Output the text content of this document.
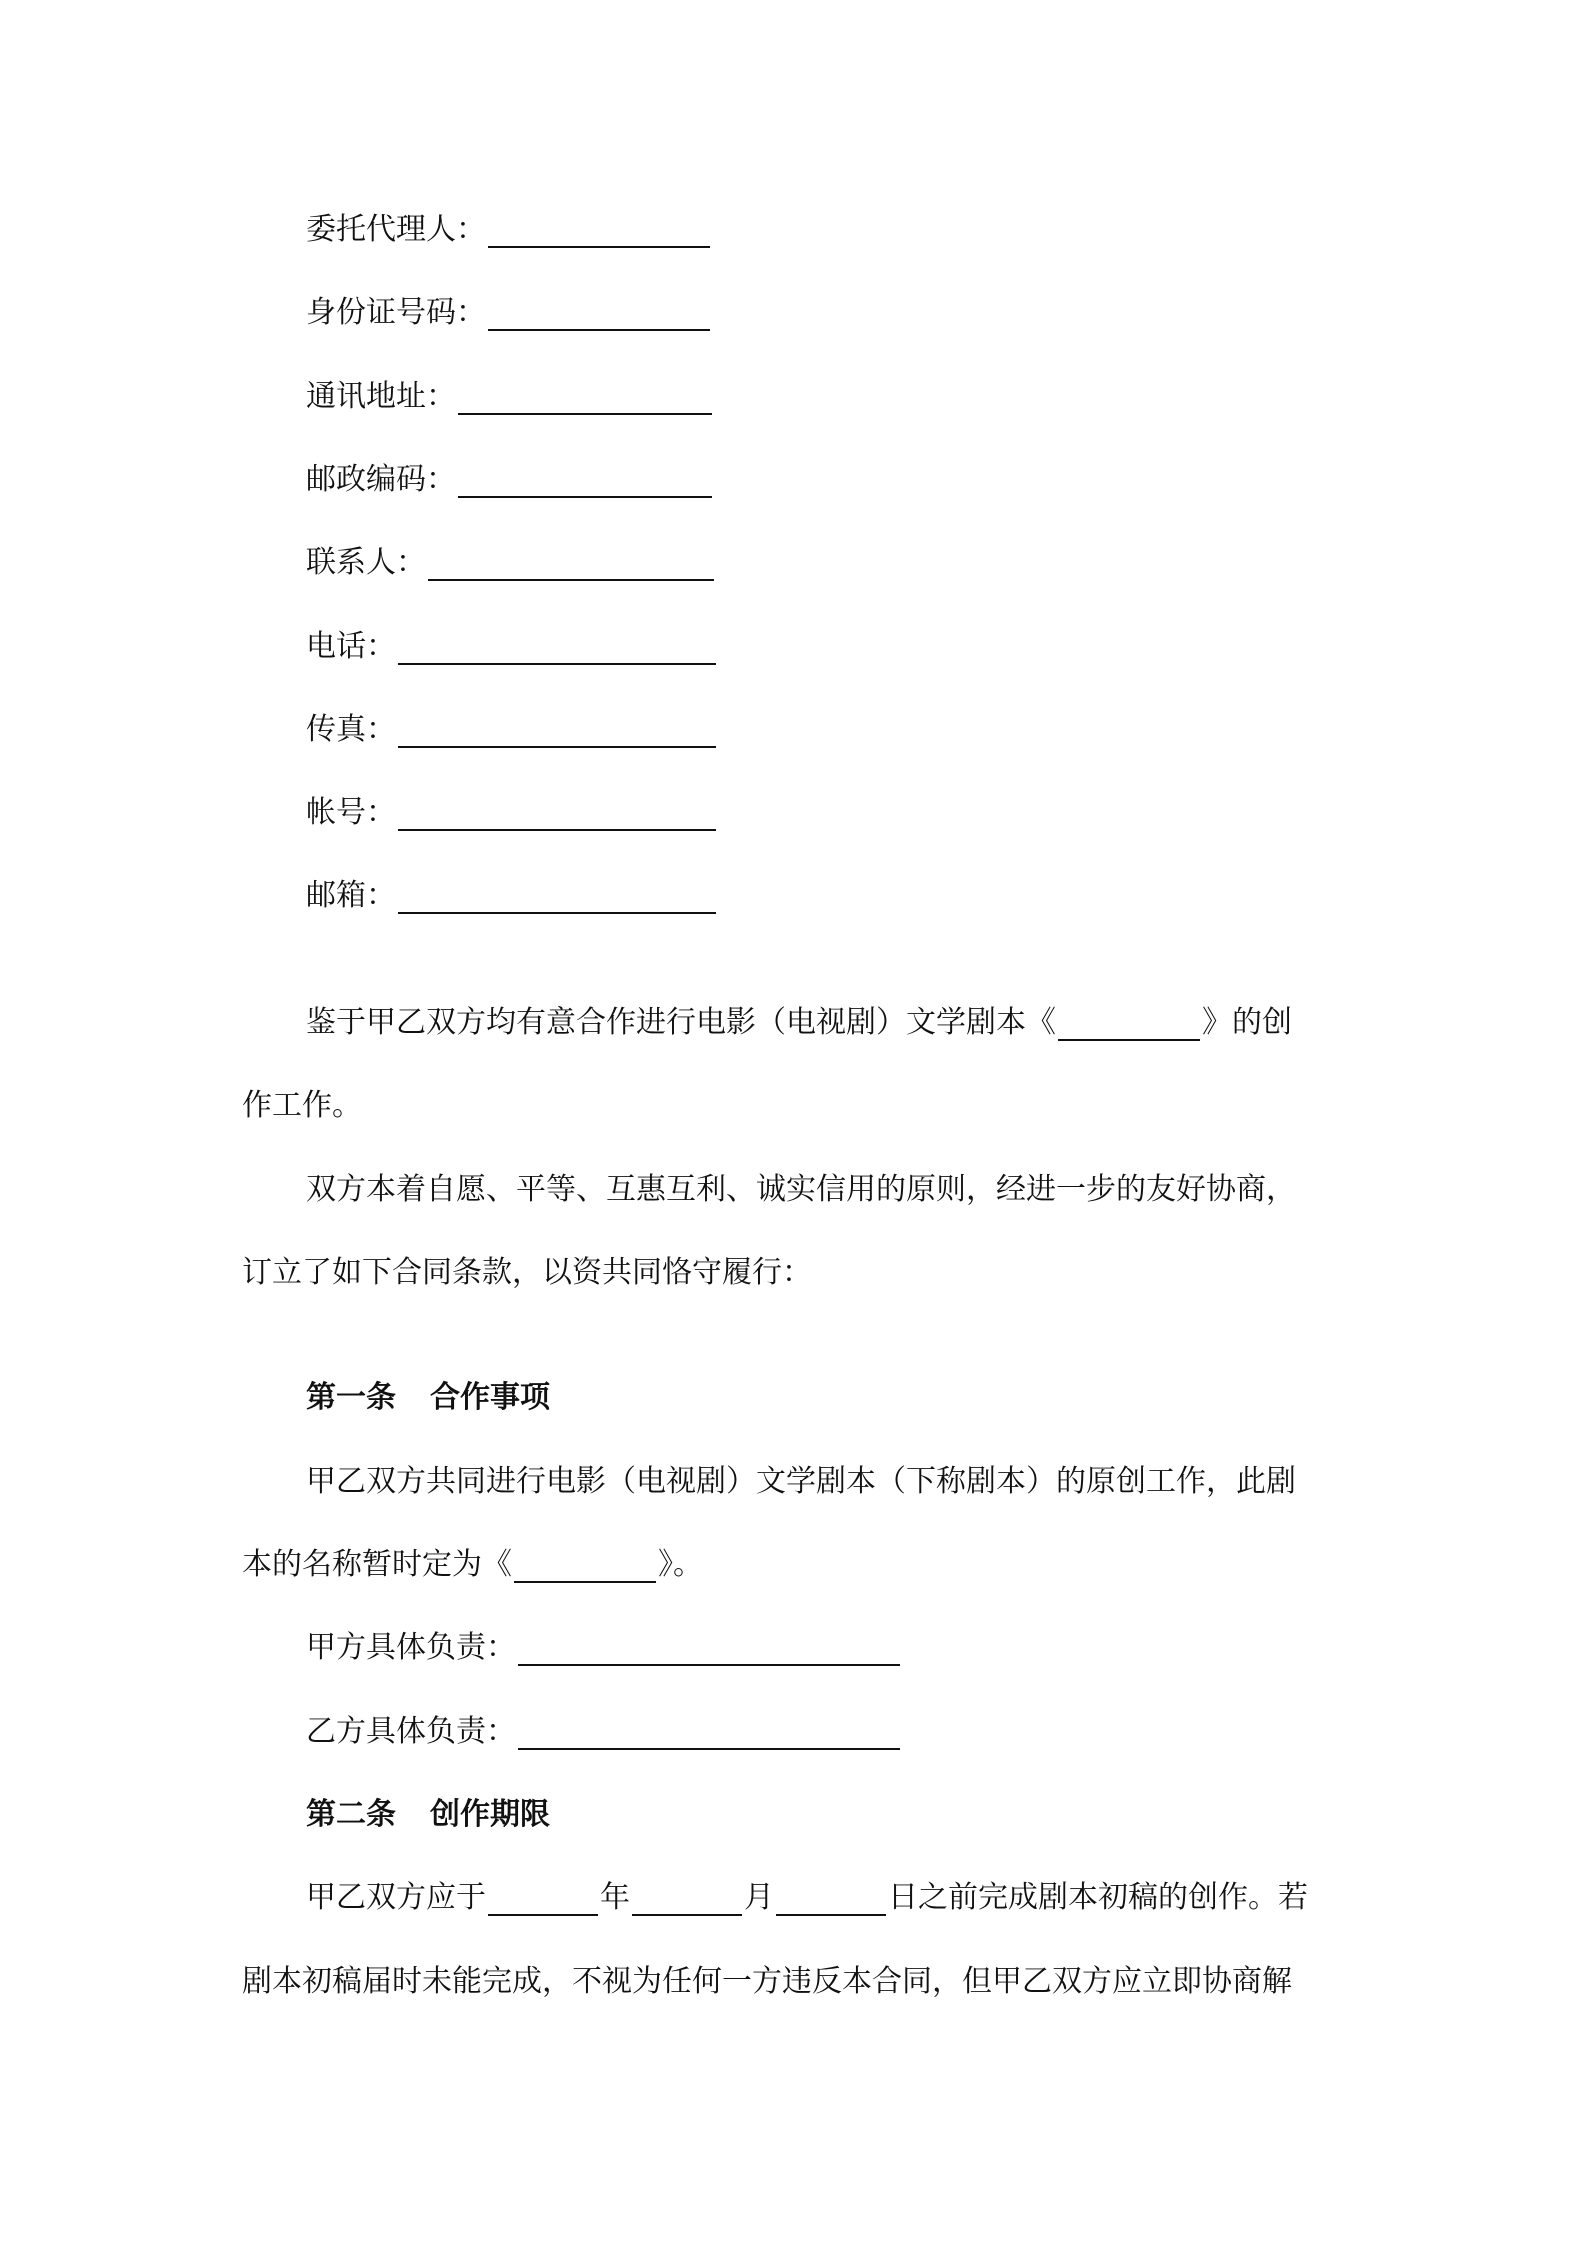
委托代理人：
身份证号码：
通讯地址：
邮政编码：
联系人：
电话：
传真：
帐号：
邮箱：
鉴于甲乙双方均有意合作进行电影（电视剧）文学剧本《	》的创
作工作。
双方本着自愿、平等、互惠互利、诚实信用的原则，经进一步的友好协商，
订立了如下合同条款，以资共同恪守履行：
第一条 合作事项
甲乙双方共同进行电影（电视剧）文学剧本（下称剧本）的原创工作，此剧
本的名称暂时定为《	》。
甲方具体负责：
乙方具体负责：
第二条 创作期限
甲乙双方应于	年	月	日之前完成剧本初稿的创作。若
剧本初稿届时未能完成，不视为任何一方违反本合同，但甲乙双方应立即协商解
